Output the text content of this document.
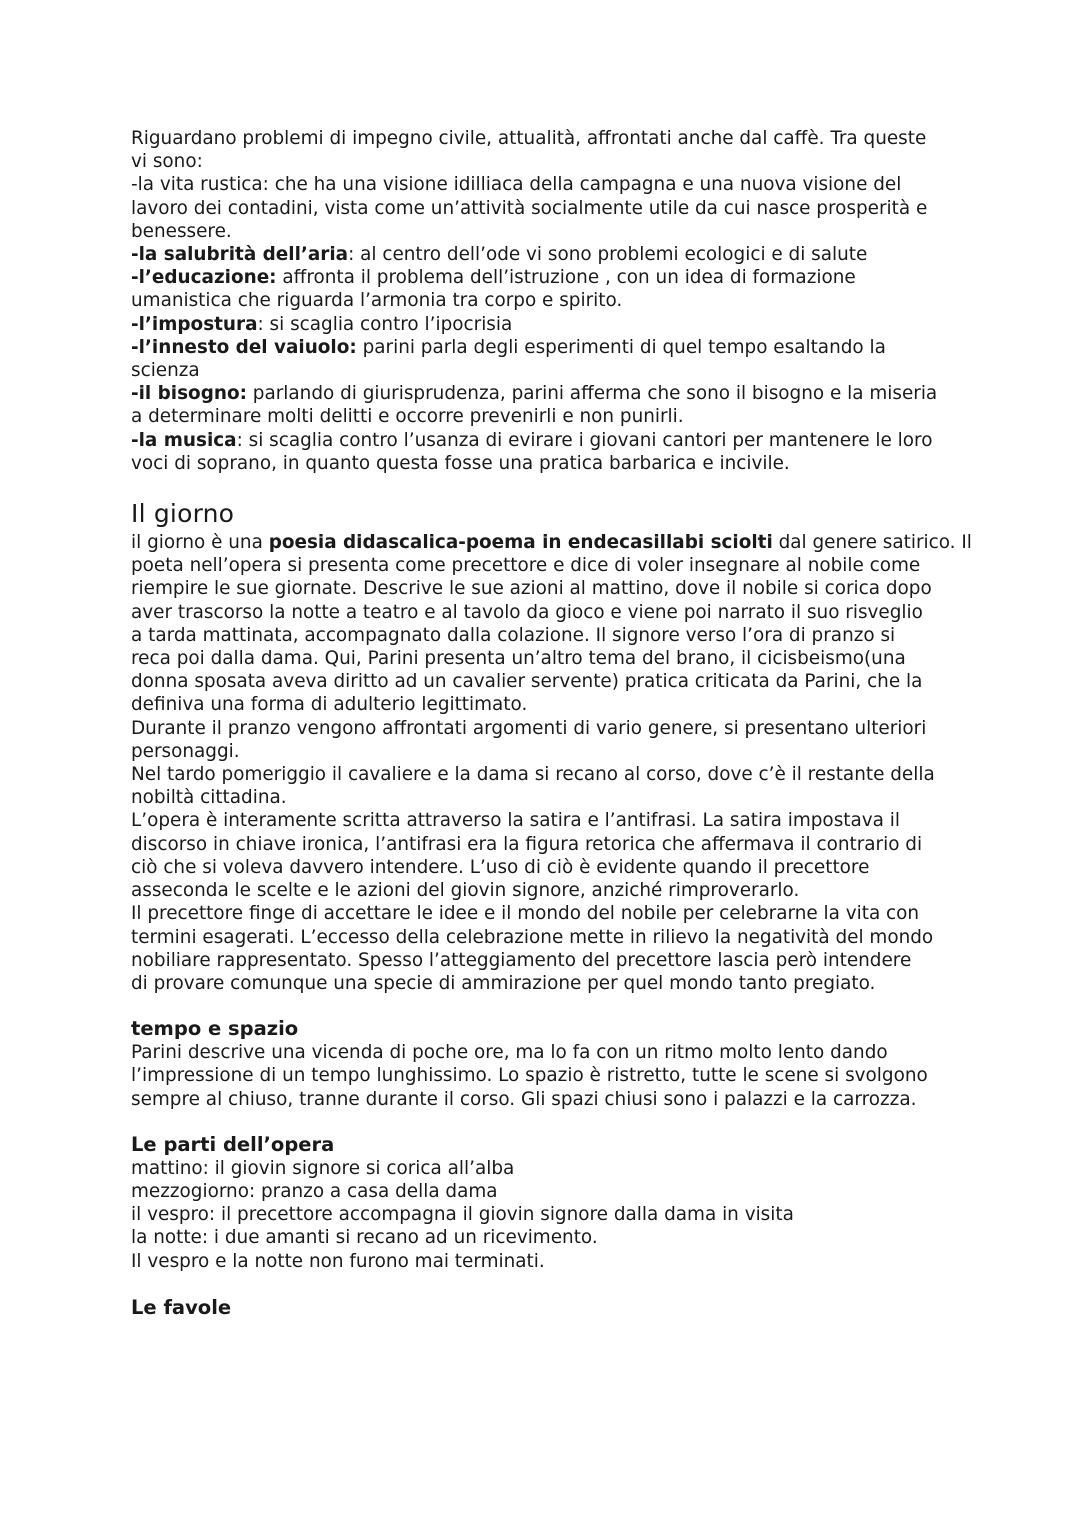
Riguardano problemi di impegno civile, attualità, affrontati anche dal caffè. Tra queste
vi sono:
-la vita rustica: che ha una visione idilliaca della campagna e una nuova visione del
lavoro dei contadini, vista come un’attività socialmente utile da cui nasce prosperità e
benessere.
-la salubrità dell’aria: al centro dell’ode vi sono problemi ecologici e di salute
-l’educazione: affronta il problema dell’istruzione , con un idea di formazione
umanistica che riguarda l’armonia tra corpo e spirito.
-l’impostura: si scaglia contro l’ipocrisia
-l’innesto del vaiuolo: parini parla degli esperimenti di quel tempo esaltando la
scienza
-il bisogno: parlando di giurisprudenza, parini afferma che sono il bisogno e la miseria
a determinare molti delitti e occorre prevenirli e non punirli.
-la musica: si scaglia contro l’usanza di evirare i giovani cantori per mantenere le loro
voci di soprano, in quanto questa fosse una pratica barbarica e incivile.
Il giorno
il giorno è una poesia didascalica-poema in endecasillabi sciolti dal genere satirico. Il
poeta nell’opera si presenta come precettore e dice di voler insegnare al nobile come
riempire le sue giornate. Descrive le sue azioni al mattino, dove il nobile si corica dopo
aver trascorso la notte a teatro e al tavolo da gioco e viene poi narrato il suo risveglio
a tarda mattinata, accompagnato dalla colazione. Il signore verso l’ora di pranzo si
reca poi dalla dama. Qui, Parini presenta un’altro tema del brano, il cicisbeismo(una
donna sposata aveva diritto ad un cavalier servente) pratica criticata da Parini, che la
definiva una forma di adulterio legittimato.
Durante il pranzo vengono affrontati argomenti di vario genere, si presentano ulteriori
personaggi.
Nel tardo pomeriggio il cavaliere e la dama si recano al corso, dove c’è il restante della
nobiltà cittadina.
L’opera è interamente scritta attraverso la satira e l’antifrasi. La satira impostava il
discorso in chiave ironica, l’antifrasi era la figura retorica che affermava il contrario di
ciò che si voleva davvero intendere. L’uso di ciò è evidente quando il precettore
asseconda le scelte e le azioni del giovin signore, anziché rimproverarlo.
Il precettore finge di accettare le idee e il mondo del nobile per celebrarne la vita con
termini esagerati. L’eccesso della celebrazione mette in rilievo la negatività del mondo
nobiliare rappresentato. Spesso l’atteggiamento del precettore lascia però intendere
di provare comunque una specie di ammirazione per quel mondo tanto pregiato.
tempo e spazio
Parini descrive una vicenda di poche ore, ma lo fa con un ritmo molto lento dando
l’impressione di un tempo lunghissimo. Lo spazio è ristretto, tutte le scene si svolgono
sempre al chiuso, tranne durante il corso. Gli spazi chiusi sono i palazzi e la carrozza.
Le parti dell’opera
mattino: il giovin signore si corica all’alba
mezzogiorno: pranzo a casa della dama
il vespro: il precettore accompagna il giovin signore dalla dama in visita
la notte: i due amanti si recano ad un ricevimento.
Il vespro e la notte non furono mai terminati.
Le favole
